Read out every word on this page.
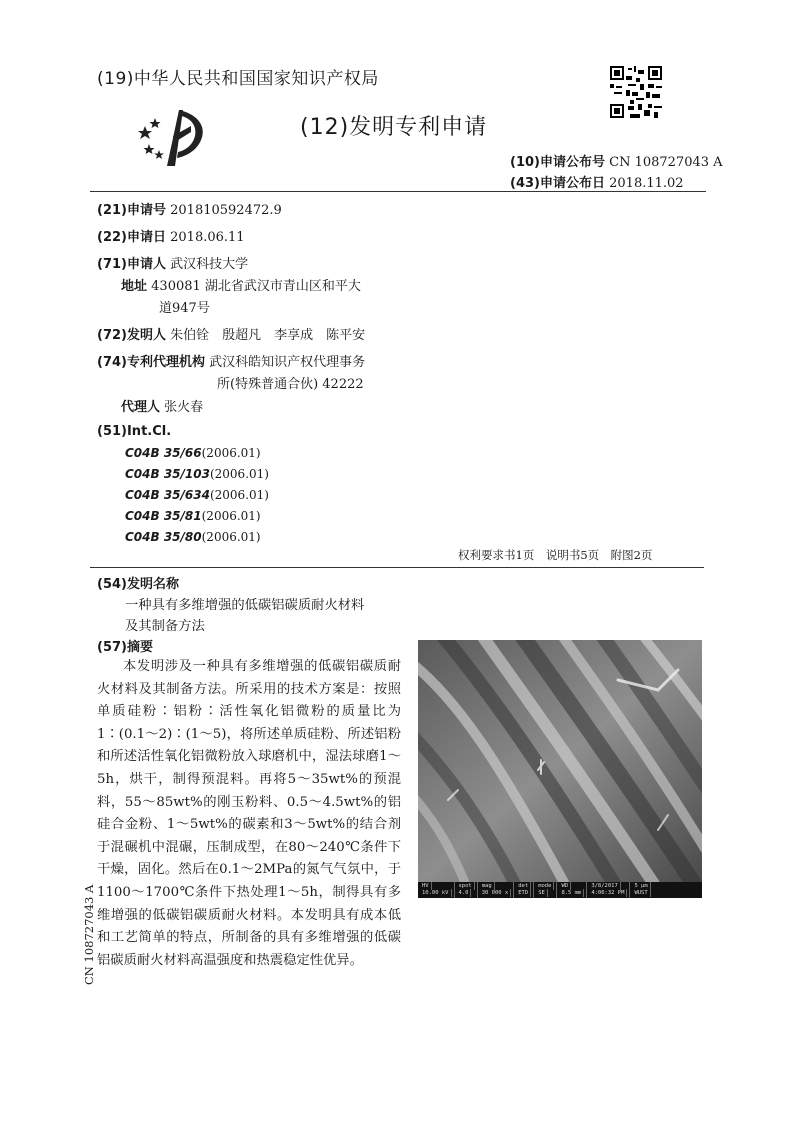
(19)中华人民共和国国家知识产权局
(12)发明专利申请
(10)申请公布号 CN 108727043 A
(43)申请公布日 2018.11.02
(21)申请号 201810592472.9
(22)申请日 2018.06.11
(71)申请人 武汉科技大学
地址 430081 湖北省武汉市青山区和平大
道947号
(72)发明人 朱伯铨　殷超凡　李享成　陈平安
(74)专利代理机构 武汉科皓知识产权代理事务
所(特殊普通合伙) 42222
代理人 张火春
(51)Int.Cl.
C04B 35/66(2006.01)
C04B 35/103(2006.01)
C04B 35/634(2006.01)
C04B 35/81(2006.01)
C04B 35/80(2006.01)
权利要求书1页　说明书5页　附图2页
(54)发明名称
一种具有多维增强的低碳铝碳质耐火材料
及其制备方法
(57)摘要
本发明涉及一种具有多维增强的低碳铝碳质耐火材料及其制备方法。所采用的技术方案是：按照单质硅粉∶铝粉∶活性氧化铝微粉的质量比为1∶(0.1～2)∶(1～5)，将所述单质硅粉、所述铝粉和所述活性氧化铝微粉放入球磨机中，湿法球磨1～5h，烘干，制得预混料。再将5～35wt%的预混料，55～85wt%的刚玉粉料、0.5～4.5wt%的铝硅合金粉、1～5wt%的碳素和3～5wt%的结合剂于混碾机中混碾，压制成型，在80～240℃条件下干燥，固化。然后在0.1～2MPa的氮气气氛中，于1100～1700℃条件下热处理1～5h，制得具有多维增强的低碳铝碳质耐火材料。本发明具有成本低和工艺简单的特点，所制备的具有多维增强的低碳铝碳质耐火材料高温强度和热震稳定性优异。
HV
10.00 kV
spot
4.0
mag
30 000 x
det
ETD
mode
SE
WD
8.5 mm
3/8/2017
4:06:32 PM
5 μm
WUST
CN 108727043 A
